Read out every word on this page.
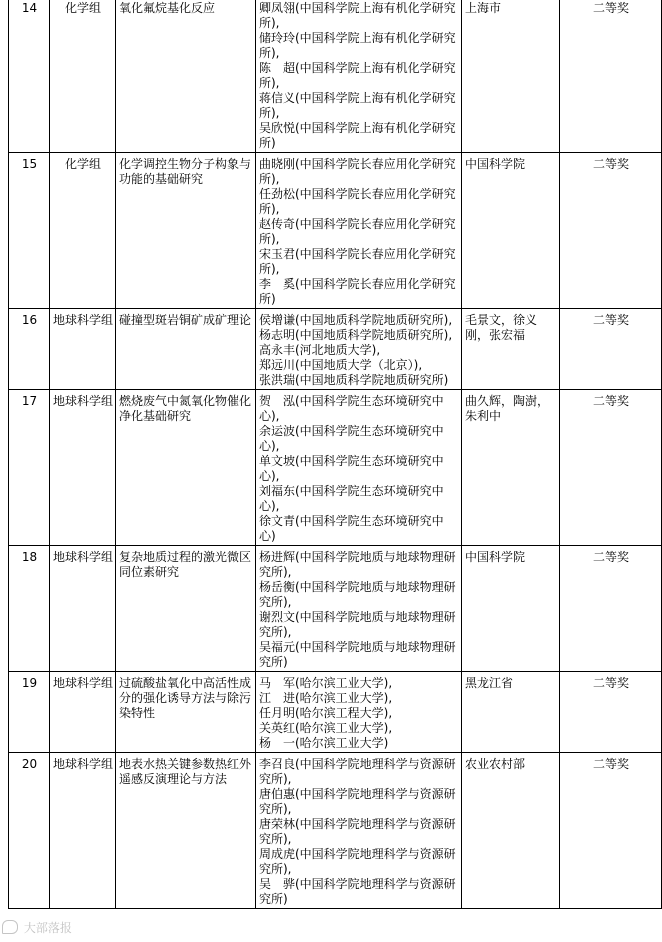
14	化学组	氧化氟烷基化反应	卿凤翎(中国科学院上海有机化学研究所),
储玲玲(中国科学院上海有机化学研究所),
陈　超(中国科学院上海有机化学研究所),
蒋信义(中国科学院上海有机化学研究所),
吴欣悦(中国科学院上海有机化学研究所)	上海市	二等奖
15	化学组	化学调控生物分子构象与功能的基础研究	曲晓刚(中国科学院长春应用化学研究所),
任劲松(中国科学院长春应用化学研究所),
赵传奇(中国科学院长春应用化学研究所),
宋玉君(中国科学院长春应用化学研究所),
李　奚(中国科学院长春应用化学研究所)	中国科学院	二等奖
16	地球科学组	碰撞型斑岩铜矿成矿理论	侯增谦(中国地质科学院地质研究所),
杨志明(中国地质科学院地质研究所),
高永丰(河北地质大学),
郑远川(中国地质大学（北京）),
张洪瑞(中国地质科学院地质研究所)	毛景文，徐义刚，张宏福	二等奖
17	地球科学组	燃烧废气中氮氧化物催化净化基础研究	贺　泓(中国科学院生态环境研究中心),
余运波(中国科学院生态环境研究中心),
单文坡(中国科学院生态环境研究中心),
刘福东(中国科学院生态环境研究中心),
徐文青(中国科学院生态环境研究中心)	曲久辉，陶澍，朱利中	二等奖
18	地球科学组	复杂地质过程的激光微区同位素研究	杨进辉(中国科学院地质与地球物理研究所),
杨岳衡(中国科学院地质与地球物理研究所),
谢烈文(中国科学院地质与地球物理研究所),
吴福元(中国科学院地质与地球物理研究所)	中国科学院	二等奖
19	地球科学组	过硫酸盐氧化中高活性成分的强化诱导方法与除污染特性	马　军(哈尔滨工业大学),
江　进(哈尔滨工业大学),
任月明(哈尔滨工程大学),
关英红(哈尔滨工业大学),
杨　一(哈尔滨工业大学)	黑龙江省	二等奖
20	地球科学组	地表水热关键参数热红外遥感反演理论与方法	李召良(中国科学院地理科学与资源研究所),
唐伯惠(中国科学院地理科学与资源研究所),
唐荣林(中国科学院地理科学与资源研究所),
周成虎(中国科学院地理科学与资源研究所),
吴　骅(中国科学院地理科学与资源研究所)	农业农村部	二等奖
大部落报
